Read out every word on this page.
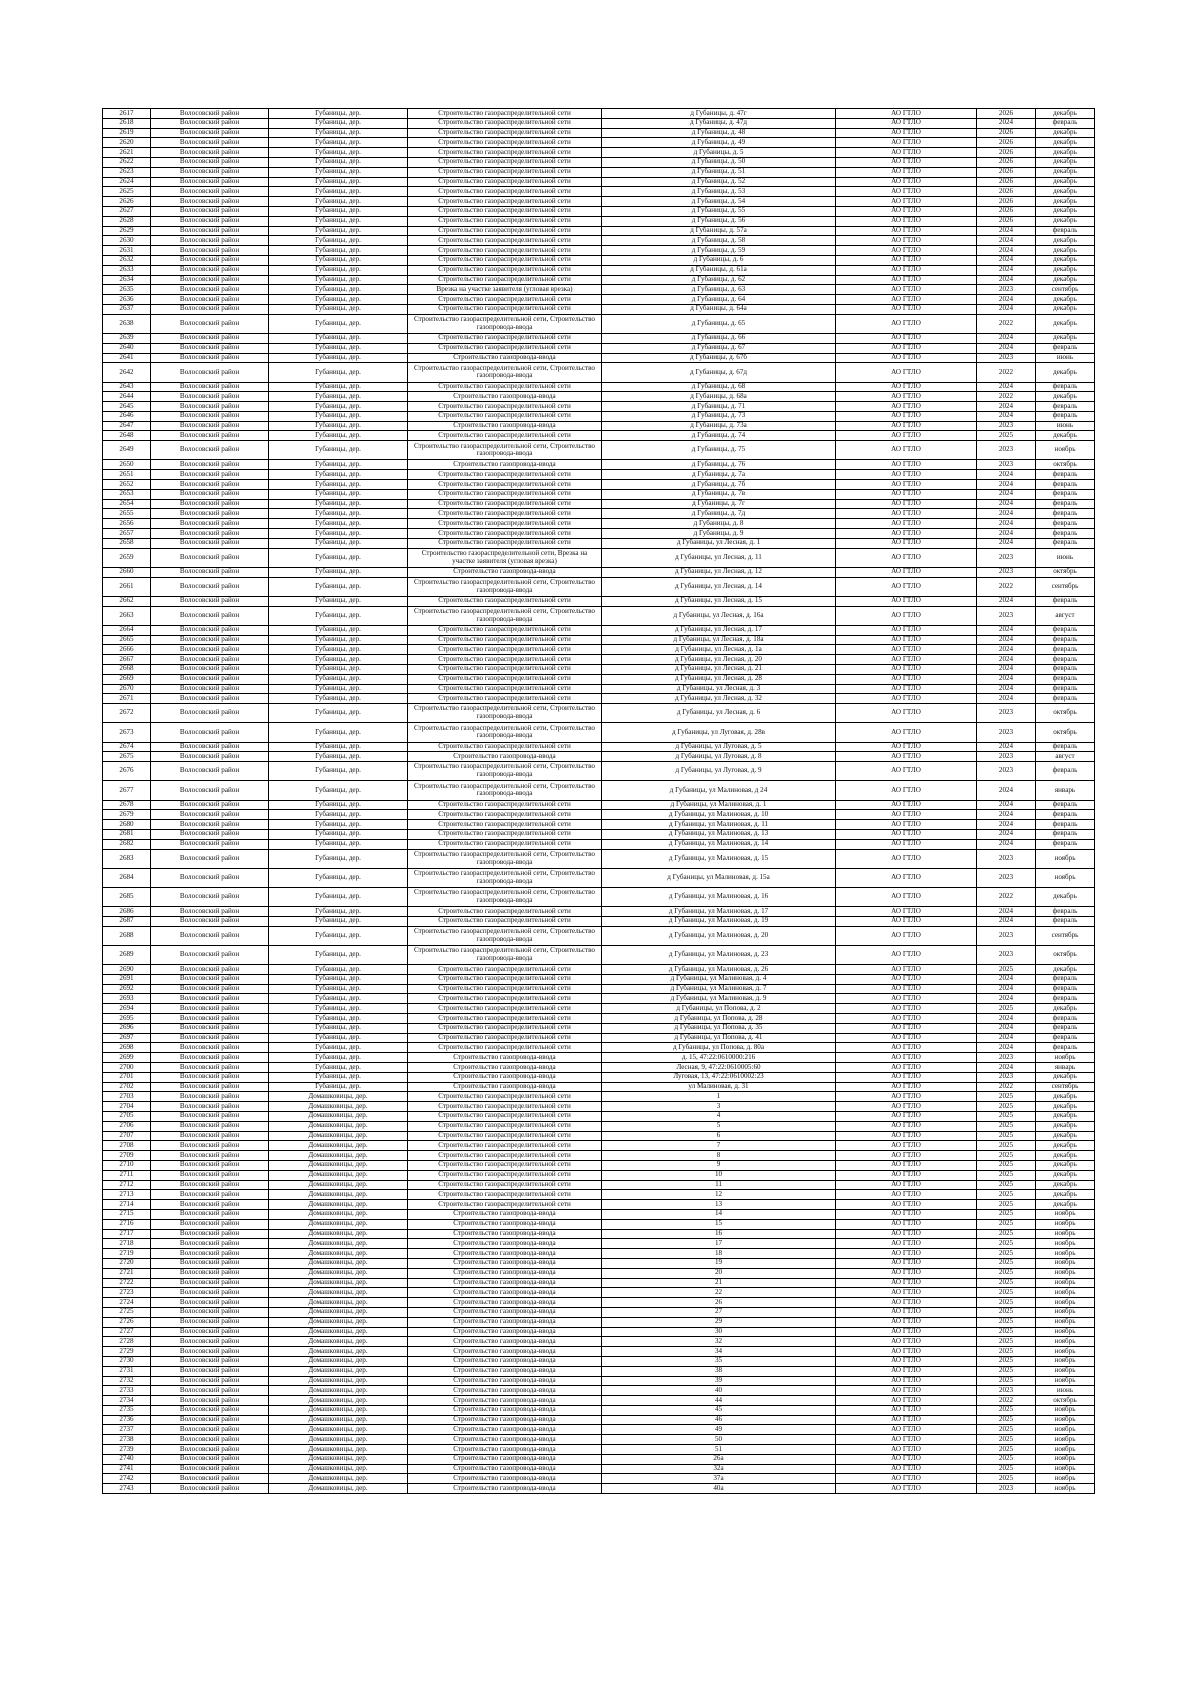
2617	Волосовский район	Губаницы, дер.	Строительство газораспределительной сети	д Губаницы, д. 47г	АО ГТЛО	2026	декабрь
2618	Волосовский район	Губаницы, дер.	Строительство газораспределительной сети	д Губаницы, д. 47д	АО ГТЛО	2024	февраль
2619	Волосовский район	Губаницы, дер.	Строительство газораспределительной сети	д Губаницы, д. 48	АО ГТЛО	2026	декабрь
2620	Волосовский район	Губаницы, дер.	Строительство газораспределительной сети	д Губаницы, д. 49	АО ГТЛО	2026	декабрь
2621	Волосовский район	Губаницы, дер.	Строительство газораспределительной сети	д Губаницы, д. 5	АО ГТЛО	2026	декабрь
2622	Волосовский район	Губаницы, дер.	Строительство газораспределительной сети	д Губаницы, д. 50	АО ГТЛО	2026	декабрь
2623	Волосовский район	Губаницы, дер.	Строительство газораспределительной сети	д Губаницы, д. 51	АО ГТЛО	2026	декабрь
2624	Волосовский район	Губаницы, дер.	Строительство газораспределительной сети	д Губаницы, д. 52	АО ГТЛО	2026	декабрь
2625	Волосовский район	Губаницы, дер.	Строительство газораспределительной сети	д Губаницы, д. 53	АО ГТЛО	2026	декабрь
2626	Волосовский район	Губаницы, дер.	Строительство газораспределительной сети	д Губаницы, д. 54	АО ГТЛО	2026	декабрь
2627	Волосовский район	Губаницы, дер.	Строительство газораспределительной сети	д Губаницы, д. 55	АО ГТЛО	2026	декабрь
2628	Волосовский район	Губаницы, дер.	Строительство газораспределительной сети	д Губаницы, д. 56	АО ГТЛО	2026	декабрь
2629	Волосовский район	Губаницы, дер.	Строительство газораспределительной сети	д Губаницы, д. 57а	АО ГТЛО	2024	февраль
2630	Волосовский район	Губаницы, дер.	Строительство газораспределительной сети	д Губаницы, д. 58	АО ГТЛО	2024	декабрь
2631	Волосовский район	Губаницы, дер.	Строительство газораспределительной сети	д Губаницы, д. 59	АО ГТЛО	2024	декабрь
2632	Волосовский район	Губаницы, дер.	Строительство газораспределительной сети	д Губаницы, д. 6	АО ГТЛО	2024	декабрь
2633	Волосовский район	Губаницы, дер.	Строительство газораспределительной сети	д Губаницы, д. 61а	АО ГТЛО	2024	декабрь
2634	Волосовский район	Губаницы, дер.	Строительство газораспределительной сети	д Губаницы, д. 62	АО ГТЛО	2024	декабрь
2635	Волосовский район	Губаницы, дер.	Врезка на участке заявителя (угловая врезка)	д Губаницы, д. 63	АО ГТЛО	2023	сентябрь
2636	Волосовский район	Губаницы, дер.	Строительство газораспределительной сети	д Губаницы, д. 64	АО ГТЛО	2024	декабрь
2637	Волосовский район	Губаницы, дер.	Строительство газораспределительной сети	д Губаницы, д. 64а	АО ГТЛО	2024	декабрь
2638	Волосовский район	Губаницы, дер.	Строительство газораспределительной сети, Строительство газопровода-ввода	д Губаницы, д. 65	АО ГТЛО	2022	декабрь
2639	Волосовский район	Губаницы, дер.	Строительство газораспределительной сети	д Губаницы, д. 66	АО ГТЛО	2024	декабрь
2640	Волосовский район	Губаницы, дер.	Строительство газораспределительной сети	д Губаницы, д. 67	АО ГТЛО	2024	февраль
2641	Волосовский район	Губаницы, дер.	Строительство газопровода-ввода	д Губаницы, д. 67б	АО ГТЛО	2023	июнь
2642	Волосовский район	Губаницы, дер.	Строительство газораспределительной сети, Строительство газопровода-ввода	д Губаницы, д. 67д	АО ГТЛО	2022	декабрь
2643	Волосовский район	Губаницы, дер.	Строительство газораспределительной сети	д Губаницы, д. 68	АО ГТЛО	2024	февраль
2644	Волосовский район	Губаницы, дер.	Строительство газопровода-ввода	д Губаницы, д. 68а	АО ГТЛО	2022	декабрь
2645	Волосовский район	Губаницы, дер.	Строительство газораспределительной сети	д Губаницы, д. 71	АО ГТЛО	2024	февраль
2646	Волосовский район	Губаницы, дер.	Строительство газораспределительной сети	д Губаницы, д. 73	АО ГТЛО	2024	февраль
2647	Волосовский район	Губаницы, дер.	Строительство газопровода-ввода	д Губаницы, д. 73а	АО ГТЛО	2023	июнь
2648	Волосовский район	Губаницы, дер.	Строительство газораспределительной сети	д Губаницы, д. 74	АО ГТЛО	2025	декабрь
2649	Волосовский район	Губаницы, дер.	Строительство газораспределительной сети, Строительство газопровода-ввода	д Губаницы, д. 75	АО ГТЛО	2023	ноябрь
2650	Волосовский район	Губаницы, дер.	Строительство газопровода-ввода	д Губаницы, д. 76	АО ГТЛО	2023	октябрь
2651	Волосовский район	Губаницы, дер.	Строительство газораспределительной сети	д Губаницы, д. 7а	АО ГТЛО	2024	февраль
2652	Волосовский район	Губаницы, дер.	Строительство газораспределительной сети	д Губаницы, д. 7б	АО ГТЛО	2024	февраль
2653	Волосовский район	Губаницы, дер.	Строительство газораспределительной сети	д Губаницы, д. 7в	АО ГТЛО	2024	февраль
2654	Волосовский район	Губаницы, дер.	Строительство газораспределительной сети	д Губаницы, д. 7г	АО ГТЛО	2024	февраль
2655	Волосовский район	Губаницы, дер.	Строительство газораспределительной сети	д Губаницы, д. 7д	АО ГТЛО	2024	февраль
2656	Волосовский район	Губаницы, дер.	Строительство газораспределительной сети	д Губаницы, д. 8	АО ГТЛО	2024	февраль
2657	Волосовский район	Губаницы, дер.	Строительство газораспределительной сети	д Губаницы, д. 9	АО ГТЛО	2024	февраль
2658	Волосовский район	Губаницы, дер.	Строительство газораспределительной сети	д Губаницы, ул Лесная, д. 1	АО ГТЛО	2024	февраль
2659	Волосовский район	Губаницы, дер.	Строительство газораспределительной сети, Врезка на участке заявителя (угловая врезка)	д Губаницы, ул Лесная, д. 11	АО ГТЛО	2023	июнь
2660	Волосовский район	Губаницы, дер.	Строительство газопровода-ввода	д Губаницы, ул Лесная, д. 12	АО ГТЛО	2023	октябрь
2661	Волосовский район	Губаницы, дер.	Строительство газораспределительной сети, Строительство газопровода-ввода	д Губаницы, ул Лесная, д. 14	АО ГТЛО	2022	сентябрь
2662	Волосовский район	Губаницы, дер.	Строительство газораспределительной сети	д Губаницы, ул Лесная, д. 15	АО ГТЛО	2024	февраль
2663	Волосовский район	Губаницы, дер.	Строительство газораспределительной сети, Строительство газопровода-ввода	д Губаницы, ул Лесная, д. 16а	АО ГТЛО	2023	август
2664	Волосовский район	Губаницы, дер.	Строительство газораспределительной сети	д Губаницы, ул Лесная, д. 17	АО ГТЛО	2024	февраль
2665	Волосовский район	Губаницы, дер.	Строительство газораспределительной сети	д Губаницы, ул Лесная, д. 18а	АО ГТЛО	2024	февраль
2666	Волосовский район	Губаницы, дер.	Строительство газораспределительной сети	д Губаницы, ул Лесная, д. 1а	АО ГТЛО	2024	февраль
2667	Волосовский район	Губаницы, дер.	Строительство газораспределительной сети	д Губаницы, ул Лесная, д. 20	АО ГТЛО	2024	февраль
2668	Волосовский район	Губаницы, дер.	Строительство газораспределительной сети	д Губаницы, ул Лесная, д. 21	АО ГТЛО	2024	февраль
2669	Волосовский район	Губаницы, дер.	Строительство газораспределительной сети	д Губаницы, ул Лесная, д. 28	АО ГТЛО	2024	февраль
2670	Волосовский район	Губаницы, дер.	Строительство газораспределительной сети	д Губаницы, ул Лесная, д. 3	АО ГТЛО	2024	февраль
2671	Волосовский район	Губаницы, дер.	Строительство газораспределительной сети	д Губаницы, ул Лесная, д. 32	АО ГТЛО	2024	февраль
2672	Волосовский район	Губаницы, дер.	Строительство газораспределительной сети, Строительство газопровода-ввода	д Губаницы, ул Лесная, д. 6	АО ГТЛО	2023	октябрь
2673	Волосовский район	Губаницы, дер.	Строительство газораспределительной сети, Строительство газопровода-ввода	д Губаницы, ул Луговая, д. 28в	АО ГТЛО	2023	октябрь
2674	Волосовский район	Губаницы, дер.	Строительство газораспределительной сети	д Губаницы, ул Луговая, д. 5	АО ГТЛО	2024	февраль
2675	Волосовский район	Губаницы, дер.	Строительство газопровода-ввода	д Губаницы, ул Луговая, д. 8	АО ГТЛО	2023	август
2676	Волосовский район	Губаницы, дер.	Строительство газораспределительной сети, Строительство газопровода-ввода	д Губаницы, ул Луговая, д. 9	АО ГТЛО	2023	февраль
2677	Волосовский район	Губаницы, дер.	Строительство газораспределительной сети, Строительство газопровода-ввода	д Губаницы, ул Малиновая, д 24	АО ГТЛО	2024	январь
2678	Волосовский район	Губаницы, дер.	Строительство газораспределительной сети	д Губаницы, ул Малиновая, д. 1	АО ГТЛО	2024	февраль
2679	Волосовский район	Губаницы, дер.	Строительство газораспределительной сети	д Губаницы, ул Малиновая, д. 10	АО ГТЛО	2024	февраль
2680	Волосовский район	Губаницы, дер.	Строительство газораспределительной сети	д Губаницы, ул Малиновая, д. 11	АО ГТЛО	2024	февраль
2681	Волосовский район	Губаницы, дер.	Строительство газораспределительной сети	д Губаницы, ул Малиновая, д. 13	АО ГТЛО	2024	февраль
2682	Волосовский район	Губаницы, дер.	Строительство газораспределительной сети	д Губаницы, ул Малиновая, д. 14	АО ГТЛО	2024	февраль
2683	Волосовский район	Губаницы, дер.	Строительство газораспределительной сети, Строительство газопровода-ввода	д Губаницы, ул Малиновая, д. 15	АО ГТЛО	2023	ноябрь
2684	Волосовский район	Губаницы, дер.	Строительство газораспределительной сети, Строительство газопровода-ввода	д Губаницы, ул Малиновая, д. 15а	АО ГТЛО	2023	ноябрь
2685	Волосовский район	Губаницы, дер.	Строительство газораспределительной сети, Строительство газопровода-ввода	д Губаницы, ул Малиновая, д. 16	АО ГТЛО	2022	декабрь
2686	Волосовский район	Губаницы, дер.	Строительство газораспределительной сети	д Губаницы, ул Малиновая, д. 17	АО ГТЛО	2024	февраль
2687	Волосовский район	Губаницы, дер.	Строительство газораспределительной сети	д Губаницы, ул Малиновая, д. 19	АО ГТЛО	2024	февраль
2688	Волосовский район	Губаницы, дер.	Строительство газораспределительной сети, Строительство газопровода-ввода	д Губаницы, ул Малиновая, д. 20	АО ГТЛО	2023	сентябрь
2689	Волосовский район	Губаницы, дер.	Строительство газораспределительной сети, Строительство газопровода-ввода	д Губаницы, ул Малиновая, д. 23	АО ГТЛО	2023	октябрь
2690	Волосовский район	Губаницы, дер.	Строительство газораспределительной сети	д Губаницы, ул Малиновая, д. 26	АО ГТЛО	2025	декабрь
2691	Волосовский район	Губаницы, дер.	Строительство газораспределительной сети	д Губаницы, ул Малиновая, д. 4	АО ГТЛО	2024	февраль
2692	Волосовский район	Губаницы, дер.	Строительство газораспределительной сети	д Губаницы, ул Малиновая, д. 7	АО ГТЛО	2024	февраль
2693	Волосовский район	Губаницы, дер.	Строительство газораспределительной сети	д Губаницы, ул Малиновая, д. 9	АО ГТЛО	2024	февраль
2694	Волосовский район	Губаницы, дер.	Строительство газораспределительной сети	д Губаницы, ул Попова, д. 2	АО ГТЛО	2025	декабрь
2695	Волосовский район	Губаницы, дер.	Строительство газораспределительной сети	д Губаницы, ул Попова, д. 28	АО ГТЛО	2024	февраль
2696	Волосовский район	Губаницы, дер.	Строительство газораспределительной сети	д Губаницы, ул Попова, д. 35	АО ГТЛО	2024	февраль
2697	Волосовский район	Губаницы, дер.	Строительство газораспределительной сети	д Губаницы, ул Попова, д. 41	АО ГТЛО	2024	февраль
2698	Волосовский район	Губаницы, дер.	Строительство газораспределительной сети	д Губаницы, ул Попова, д. 80а	АО ГТЛО	2024	февраль
2699	Волосовский район	Губаницы, дер.	Строительство газопровода-ввода	д. 15, 47:22:0610000:216	АО ГТЛО	2023	ноябрь
2700	Волосовский район	Губаницы, дер.	Строительство газопровода-ввода	Лесная, 9, 47:22:0610005:60	АО ГТЛО	2024	январь
2701	Волосовский район	Губаницы, дер.	Строительство газопровода-ввода	Луговая, 13, 47:22:0610002:23	АО ГТЛО	2023	декабрь
2702	Волосовский район	Губаницы, дер.	Строительство газопровода-ввода	ул Малиновая, д. 31	АО ГТЛО	2022	сентябрь
2703	Волосовский район	Домашковицы, дер.	Строительство газораспределительной сети	1	АО ГТЛО	2025	декабрь
2704	Волосовский район	Домашковицы, дер.	Строительство газораспределительной сети	3	АО ГТЛО	2025	декабрь
2705	Волосовский район	Домашковицы, дер.	Строительство газораспределительной сети	4	АО ГТЛО	2025	декабрь
2706	Волосовский район	Домашковицы, дер.	Строительство газораспределительной сети	5	АО ГТЛО	2025	декабрь
2707	Волосовский район	Домашковицы, дер.	Строительство газораспределительной сети	6	АО ГТЛО	2025	декабрь
2708	Волосовский район	Домашковицы, дер.	Строительство газораспределительной сети	7	АО ГТЛО	2025	декабрь
2709	Волосовский район	Домашковицы, дер.	Строительство газораспределительной сети	8	АО ГТЛО	2025	декабрь
2710	Волосовский район	Домашковицы, дер.	Строительство газораспределительной сети	9	АО ГТЛО	2025	декабрь
2711	Волосовский район	Домашковицы, дер.	Строительство газораспределительной сети	10	АО ГТЛО	2025	декабрь
2712	Волосовский район	Домашковицы, дер.	Строительство газораспределительной сети	11	АО ГТЛО	2025	декабрь
2713	Волосовский район	Домашковицы, дер.	Строительство газораспределительной сети	12	АО ГТЛО	2025	декабрь
2714	Волосовский район	Домашковицы, дер.	Строительство газораспределительной сети	13	АО ГТЛО	2025	декабрь
2715	Волосовский район	Домашковицы, дер.	Строительство газопровода-ввода	14	АО ГТЛО	2025	ноябрь
2716	Волосовский район	Домашковицы, дер.	Строительство газопровода-ввода	15	АО ГТЛО	2025	ноябрь
2717	Волосовский район	Домашковицы, дер.	Строительство газопровода-ввода	16	АО ГТЛО	2025	ноябрь
2718	Волосовский район	Домашковицы, дер.	Строительство газопровода-ввода	17	АО ГТЛО	2025	ноябрь
2719	Волосовский район	Домашковицы, дер.	Строительство газопровода-ввода	18	АО ГТЛО	2025	ноябрь
2720	Волосовский район	Домашковицы, дер.	Строительство газопровода-ввода	19	АО ГТЛО	2025	ноябрь
2721	Волосовский район	Домашковицы, дер.	Строительство газопровода-ввода	20	АО ГТЛО	2025	ноябрь
2722	Волосовский район	Домашковицы, дер.	Строительство газопровода-ввода	21	АО ГТЛО	2025	ноябрь
2723	Волосовский район	Домашковицы, дер.	Строительство газопровода-ввода	22	АО ГТЛО	2025	ноябрь
2724	Волосовский район	Домашковицы, дер.	Строительство газопровода-ввода	26	АО ГТЛО	2025	ноябрь
2725	Волосовский район	Домашковицы, дер.	Строительство газопровода-ввода	27	АО ГТЛО	2025	ноябрь
2726	Волосовский район	Домашковицы, дер.	Строительство газопровода-ввода	29	АО ГТЛО	2025	ноябрь
2727	Волосовский район	Домашковицы, дер.	Строительство газопровода-ввода	30	АО ГТЛО	2025	ноябрь
2728	Волосовский район	Домашковицы, дер.	Строительство газопровода-ввода	32	АО ГТЛО	2025	ноябрь
2729	Волосовский район	Домашковицы, дер.	Строительство газопровода-ввода	34	АО ГТЛО	2025	ноябрь
2730	Волосовский район	Домашковицы, дер.	Строительство газопровода-ввода	35	АО ГТЛО	2025	ноябрь
2731	Волосовский район	Домашковицы, дер.	Строительство газопровода-ввода	38	АО ГТЛО	2025	ноябрь
2732	Волосовский район	Домашковицы, дер.	Строительство газопровода-ввода	39	АО ГТЛО	2025	ноябрь
2733	Волосовский район	Домашковицы, дер.	Строительство газопровода-ввода	40	АО ГТЛО	2023	июнь
2734	Волосовский район	Домашковицы, дер.	Строительство газопровода-ввода	44	АО ГТЛО	2022	октябрь
2735	Волосовский район	Домашковицы, дер.	Строительство газопровода-ввода	45	АО ГТЛО	2025	ноябрь
2736	Волосовский район	Домашковицы, дер.	Строительство газопровода-ввода	46	АО ГТЛО	2025	ноябрь
2737	Волосовский район	Домашковицы, дер.	Строительство газопровода-ввода	49	АО ГТЛО	2025	ноябрь
2738	Волосовский район	Домашковицы, дер.	Строительство газопровода-ввода	50	АО ГТЛО	2025	ноябрь
2739	Волосовский район	Домашковицы, дер.	Строительство газопровода-ввода	51	АО ГТЛО	2025	ноябрь
2740	Волосовский район	Домашковицы, дер.	Строительство газопровода-ввода	26а	АО ГТЛО	2025	ноябрь
2741	Волосовский район	Домашковицы, дер.	Строительство газопровода-ввода	32а	АО ГТЛО	2025	ноябрь
2742	Волосовский район	Домашковицы, дер.	Строительство газопровода-ввода	37а	АО ГТЛО	2025	ноябрь
2743	Волосовский район	Домашковицы, дер.	Строительство газопровода-ввода	40а	АО ГТЛО	2023	ноябрь
